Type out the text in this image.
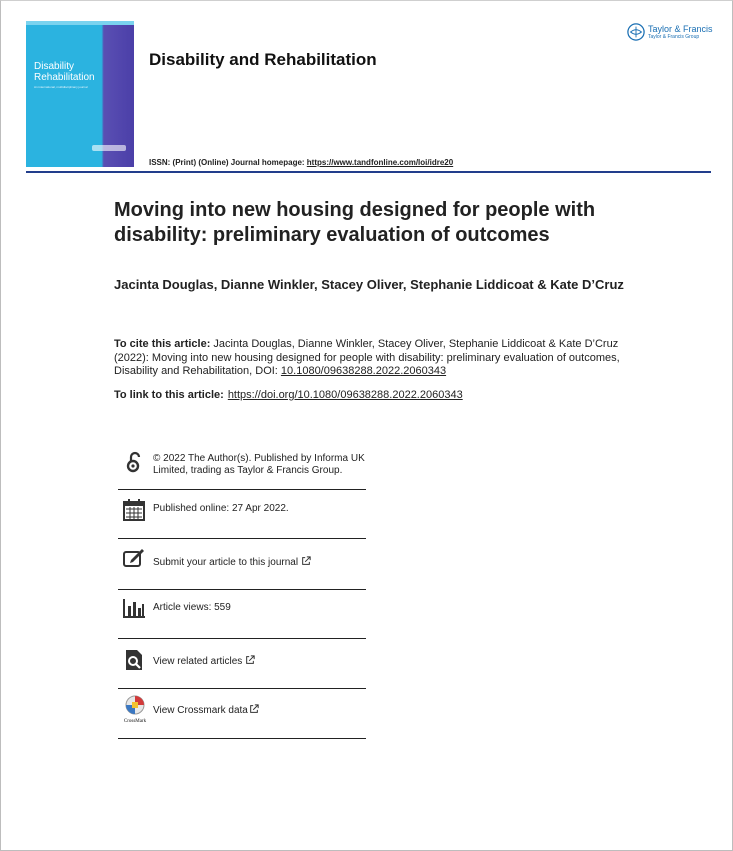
Disability
Rehabilitation
An international, multidisciplinary journal
Disability and Rehabilitation
ISSN: (Print) (Online) Journal homepage: https://www.tandfonline.com/loi/idre20
Taylor & Francis
Taylor & Francis Group
Moving into new housing designed for people with disability: preliminary evaluation of outcomes
Jacinta Douglas, Dianne Winkler, Stacey Oliver, Stephanie Liddicoat & Kate D’Cruz
To cite this article: Jacinta Douglas, Dianne Winkler, Stacey Oliver, Stephanie Liddicoat & Kate D’Cruz (2022): Moving into new housing designed for people with disability: preliminary evaluation of outcomes, Disability and Rehabilitation, DOI: 10.1080/09638288.2022.2060343
To link to this article: https://doi.org/10.1080/09638288.2022.2060343
© 2022 The Author(s). Published by Informa UK Limited, trading as Taylor & Francis Group.
Published online: 27 Apr 2022.
Submit your article to this journal
Article views: 559
View related articles
CrossMark
View Crossmark data
